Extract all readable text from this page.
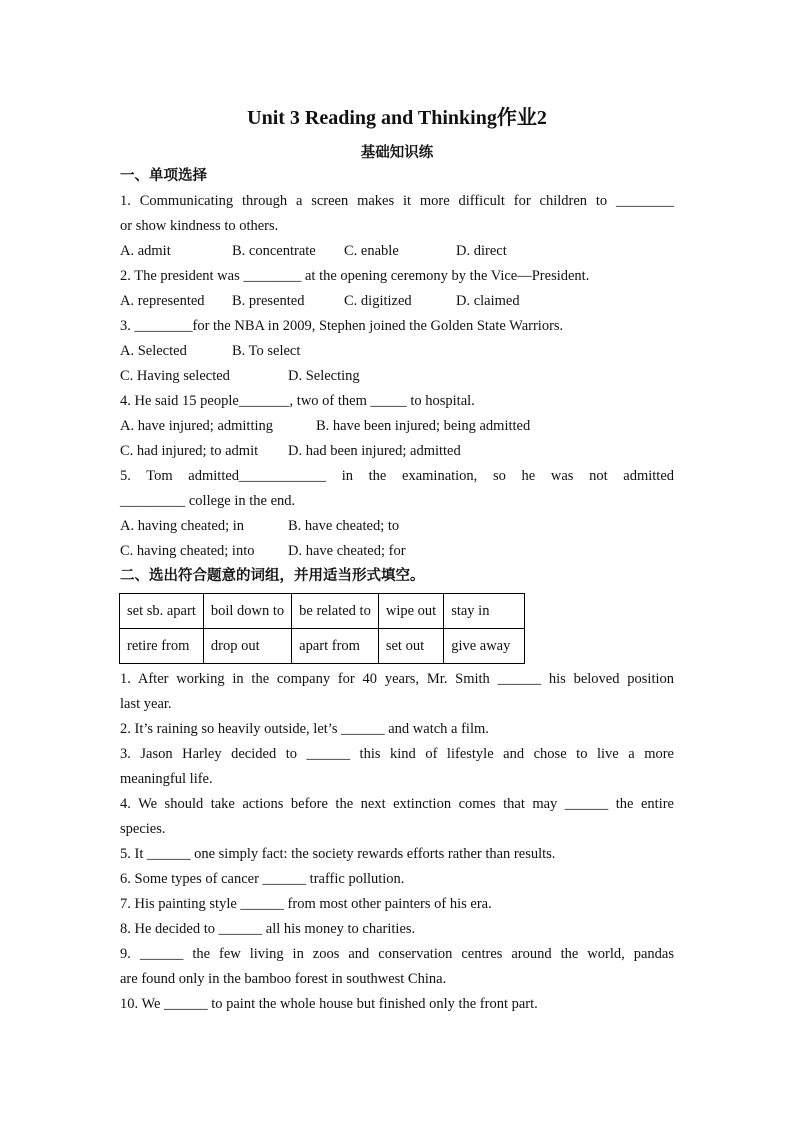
Unit 3 Reading and Thinking作业2
基础知识练
一、单项选择
1. Communicating through a screen makes it more difficult for children to ________
or show kindness to others.
A. admit	B. concentrate	C. enable	D. direct
2. The president was ________ at the opening ceremony by the Vice—President.
A. represented	B. presented	C. digitized	D. claimed
3. ________for the NBA in 2009, Stephen joined the Golden State Warriors.
A. Selected	B. To select
C. Having selected	D. Selecting
4. He said 15 people_______, two of them _____ to hospital.
A. have injured; admitting	B. have been injured; being admitted
C. had injured; to admit	D. had been injured; admitted
5. Tom admitted____________ in the examination, so he was not admitted
_________ college in the end.
A. having cheated; in	B. have cheated; to
C. having cheated; into	D. have cheated; for
二、选出符合题意的词组，并用适当形式填空。
set sb. apart	boil down to	be related to	wipe out	stay in
retire from	drop out	apart from	set out	give away
1. After working in the company for 40 years, Mr. Smith ______ his beloved position
last year.
2. It’s raining so heavily outside, let’s ______ and watch a film.
3. Jason Harley decided to ______ this kind of lifestyle and chose to live a more
meaningful life.
4. We should take actions before the next extinction comes that may ______ the entire
species.
5. It ______ one simply fact: the society rewards efforts rather than results.
6. Some types of cancer ______ traffic pollution.
7. His painting style ______ from most other painters of his era.
8. He decided to ______ all his money to charities.
9. ______ the few living in zoos and conservation centres around the world, pandas
are found only in the bamboo forest in southwest China.
10. We ______ to paint the whole house but finished only the front part.
